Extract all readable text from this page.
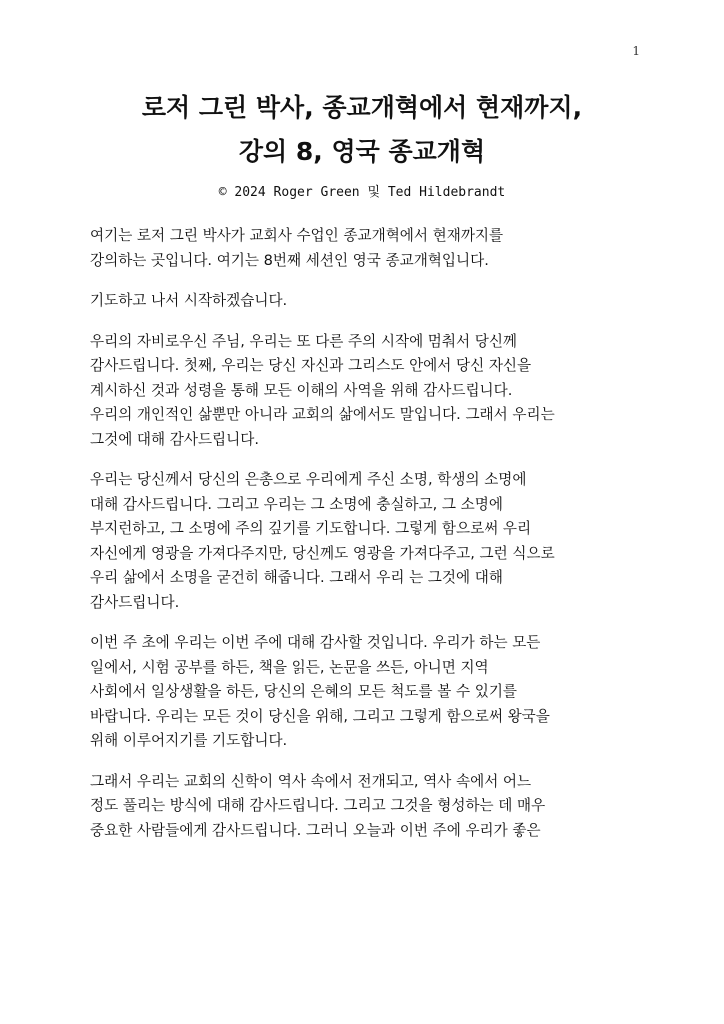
1
로저 그린 박사, 종교개혁에서 현재까지,
강의 8, 영국 종교개혁
© 2024 Roger Green 및 Ted Hildebrandt

여기는 로저 그린 박사가 교회사 수업인 종교개혁에서 현재까지를
강의하는 곳입니다. 여기는 8번째 세션인 영국 종교개혁입니다.

기도하고 나서 시작하겠습니다.

우리의 자비로우신 주님, 우리는 또 다른 주의 시작에 멈춰서 당신께
감사드립니다. 첫째, 우리는 당신 자신과 그리스도 안에서 당신 자신을
계시하신 것과 성령을 통해 모든 이해의 사역을 위해 감사드립니다.
우리의 개인적인 삶뿐만 아니라 교회의 삶에서도 말입니다. 그래서 우리는
그것에 대해 감사드립니다.

우리는 당신께서 당신의 은총으로 우리에게 주신 소명, 학생의 소명에
대해 감사드립니다. 그리고 우리는 그 소명에 충실하고, 그 소명에
부지런하고, 그 소명에 주의 깊기를 기도합니다. 그렇게 함으로써 우리
자신에게 영광을 가져다주지만, 당신께도 영광을 가져다주고, 그런 식으로
우리 삶에서 소명을 굳건히 해줍니다. 그래서 우리 는 그것에 대해
감사드립니다.

이번 주 초에 우리는 이번 주에 대해 감사할 것입니다. 우리가 하는 모든
일에서, 시험 공부를 하든, 책을 읽든, 논문을 쓰든, 아니면 지역
사회에서 일상생활을 하든, 당신의 은혜의 모든 척도를 볼 수 있기를
바랍니다. 우리는 모든 것이 당신을 위해, 그리고 그렇게 함으로써 왕국을
위해 이루어지기를 기도합니다.

그래서 우리는 교회의 신학이 역사 속에서 전개되고, 역사 속에서 어느
정도 풀리는 방식에 대해 감사드립니다. 그리고 그것을 형성하는 데 매우
중요한 사람들에게 감사드립니다. 그러니 오늘과 이번 주에 우리가 좋은
